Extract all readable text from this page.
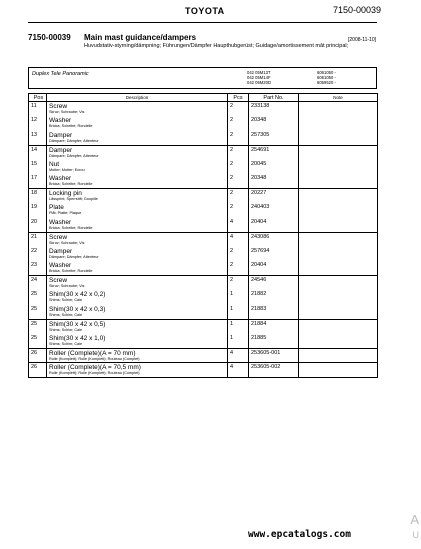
TOYOTA	7150-00039
7150-00039 Main mast guidance/dampers	[2008-11-10]
Huvudstativ-styrning/dämpning; Führungen/Dämpfer Haupthubgerüst; Guidage/amortissement mât principal;
Duplex Tele Panoramic	042 05M13T
042 05M14F
042 05M20D
6061050 -
6061050 -
6059520 -
Pos	Description	Pcs	Part No.	Note
11	Screw
Skruv; Schraube; Vis	2	233138	
12	Washer
Bricka; Scheibe; Rondelle	2	20348	
13	Damper
Dämpare; Dämpfer; Attenteur	2	257305	
14	Damper
Dämpare; Dämpfer; Attenteur	2	254691	
15	Nut
Mutter; Mutter; Ecrou	2	20045	
17	Washer
Bricka; Scheibe; Rondelle	2	20348	
18	Locking pin
Låssprint; Sperrstift; Goupille	2	20227	
19	Plate
Plåt; Platte; Plaque	2	240403	
20	Washer
Bricka; Scheibe; Rondelle	4	20404	
21	Screw
Skruv; Schraube; Vis	4	243086	
22	Damper
Dämpare; Dämpfer; Attenteur	2	257694	
23	Washer
Bricka; Scheibe; Rondelle	2	20404	
24	Screw
Skruv; Schraube; Vis	2	24546	
25	Shim(30 x 42 x 0,2)
Shims; Schim; Cale	1	21882	
25	Shim(30 x 42 x 0,3)
Shims; Schim; Cale	1	21883	
25	Shim(30 x 42 x 0,5)
Shims; Schim; Cale	1	21884	
25	Shim(30 x 42 x 1,0)
Shims; Schim; Cale	1	21885	
26	Roller (Complete)(A = 70 mm)
Rulle (Komplett); Rolle (Komplett); Rouleau (Complet)	4	253605-001	
26	Roller (Complete)(A = 70,5 mm)
Rulle (Komplett); Rolle (Komplett); Rouleau (Complet)	4	253605-002	
www.epcatalogs.com
A
U
